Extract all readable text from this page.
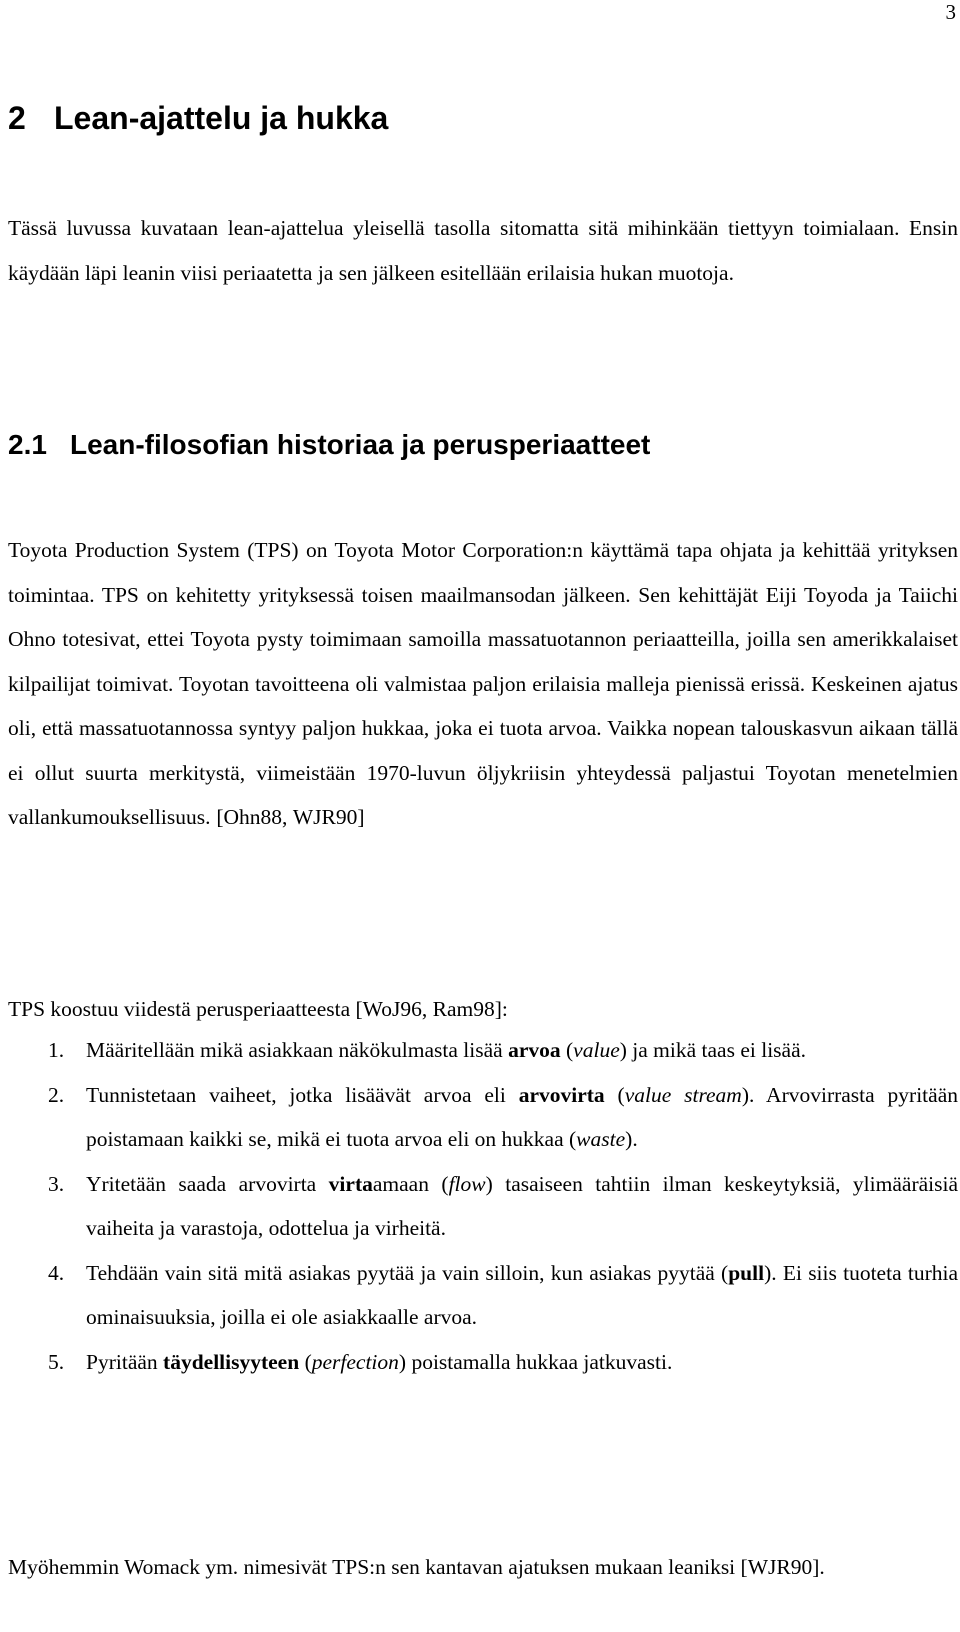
3
2 Lean-ajattelu ja hukka

Tässä luvussa kuvataan lean-ajattelua yleisellä tasolla sitomatta sitä mihinkään tiettyyn toimialaan. Ensin käydään läpi leanin viisi periaatetta ja sen jälkeen esitellään erilaisia hukan muotoja.

2.1 Lean-filosofian historiaa ja perusperiaatteet

Toyota Production System (TPS) on Toyota Motor Corporation:n käyttämä tapa ohjata ja kehittää yrityksen toimintaa. TPS on kehitetty yrityksessä toisen maailmansodan jälkeen. Sen kehittäjät Eiji Toyoda ja Taiichi Ohno totesivat, ettei Toyota pysty toimimaan samoilla massatuotannon periaatteilla, joilla sen amerikkalaiset kilpailijat toimivat. Toyotan tavoitteena oli valmistaa paljon erilaisia malleja pienissä erissä. Keskeinen ajatus oli, että massatuotannossa syntyy paljon hukkaa, joka ei tuota arvoa. Vaikka nopean talouskasvun aikaan tällä ei ollut suurta merkitystä, viimeistään 1970-luvun öljykriisin yhteydessä paljastui Toyotan menetelmien vallankumouksellisuus. [Ohn88, WJR90]

TPS koostuu viidestä perusperiaatteesta [WoJ96, Ram98]:

1. Määritellään mikä asiakkaan näkökulmasta lisää arvoa (value) ja mikä taas ei lisää.
2. Tunnistetaan vaiheet, jotka lisäävät arvoa eli arvovirta (value stream). Arvovirrasta pyritään poistamaan kaikki se, mikä ei tuota arvoa eli on hukkaa (waste).
3. Yritetään saada arvovirta virtaamaan (flow) tasaiseen tahtiin ilman keskeytyksiä, ylimääräisiä vaiheita ja varastoja, odottelua ja virheitä.
4. Tehdään vain sitä mitä asiakas pyytää ja vain silloin, kun asiakas pyytää (pull). Ei siis tuoteta turhia ominaisuuksia, joilla ei ole asiakkaalle arvoa.
5. Pyritään täydellisyyteen (perfection) poistamalla hukkaa jatkuvasti.

Myöhemmin Womack ym. nimesivät TPS:n sen kantavan ajatuksen mukaan leaniksi [WJR90].
